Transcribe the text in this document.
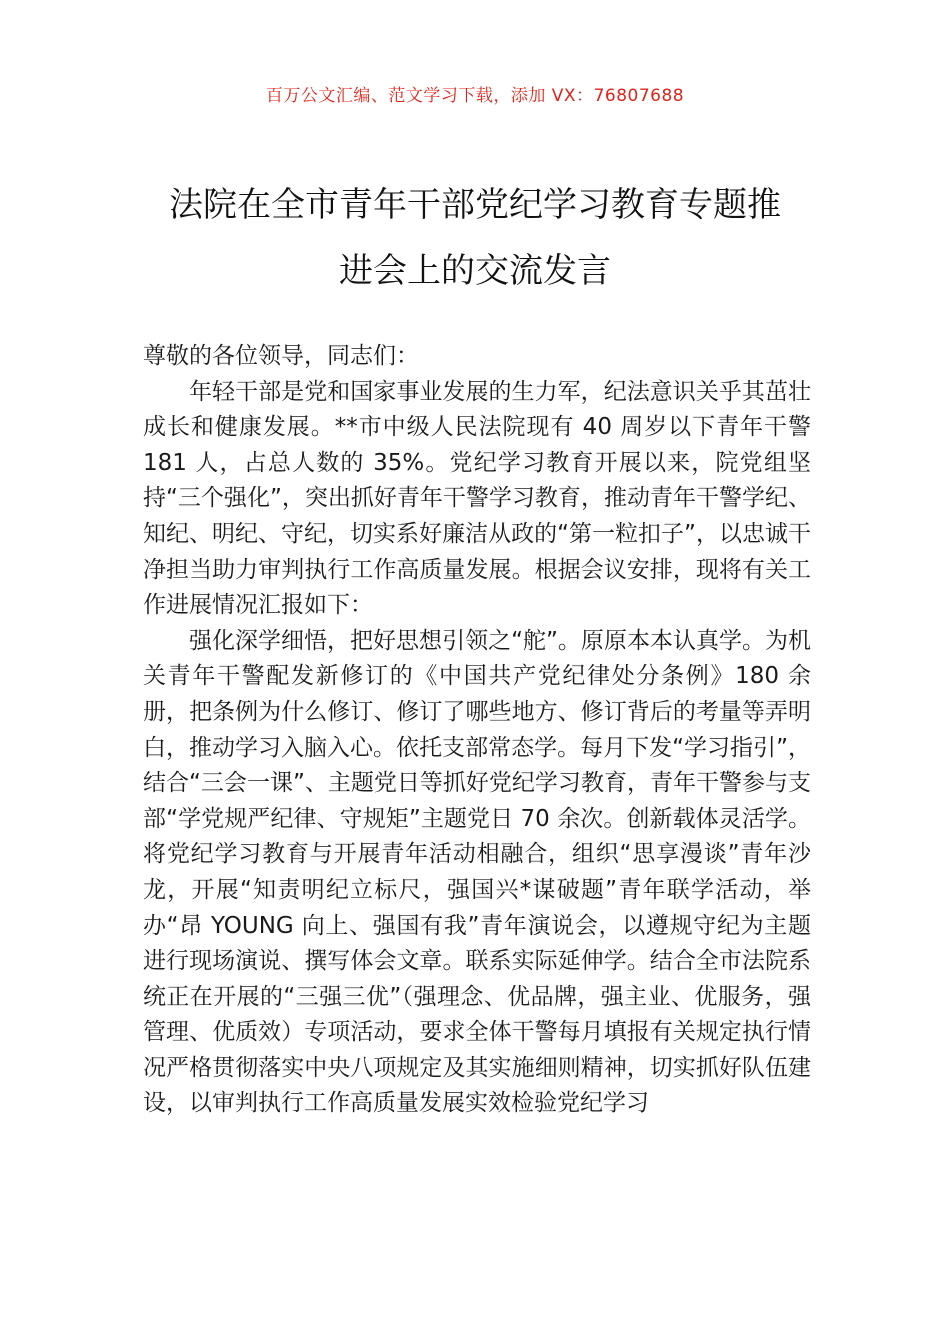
百万公文汇编、范文学习下载，添加 VX：76807688
法院在全市青年干部党纪学习教育专题推
进会上的交流发言

尊敬的各位领导，同志们：

年轻干部是党和国家事业发展的生力军，纪法意识关乎其茁壮成长和健康发展。**市中级人民法院现有 40 周岁以下青年干警 181 人，占总人数的 35%。党纪学习教育开展以来，院党组坚持“三个强化”，突出抓好青年干警学习教育，推动青年干警学纪、知纪、明纪、守纪，切实系好廉洁从政的“第一粒扣子”，以忠诚干净担当助力审判执行工作高质量发展。根据会议安排，现将有关工作进展情况汇报如下：

强化深学细悟，把好思想引领之“舵”。原原本本认真学。为机关青年干警配发新修订的《中国共产党纪律处分条例》180 余册，把条例为什么修订、修订了哪些地方、修订背后的考量等弄明白，推动学习入脑入心。依托支部常态学。每月下发“学习指引”，结合“三会一课”、主题党日等抓好党纪学习教育，青年干警参与支部“学党规严纪律、守规矩”主题党日 70 余次。创新载体灵活学。将党纪学习教育与开展青年活动相融合，组织“思享漫谈”青年沙龙，开展“知责明纪立标尺，强国兴*谋破题”青年联学活动，举办“昂 YOUNG 向上、强国有我”青年演说会，以遵规守纪为主题进行现场演说、撰写体会文章。联系实际延伸学。结合全市法院系统正在开展的“三强三优”（强理念、优品牌，强主业、优服务，强管理、优质效）专项活动，要求全体干警每月填报有关规定执行情况严格贯彻落实中央八项规定及其实施细则精神，切实抓好队伍建设，以审判执行工作高质量发展实效检验党纪学习
